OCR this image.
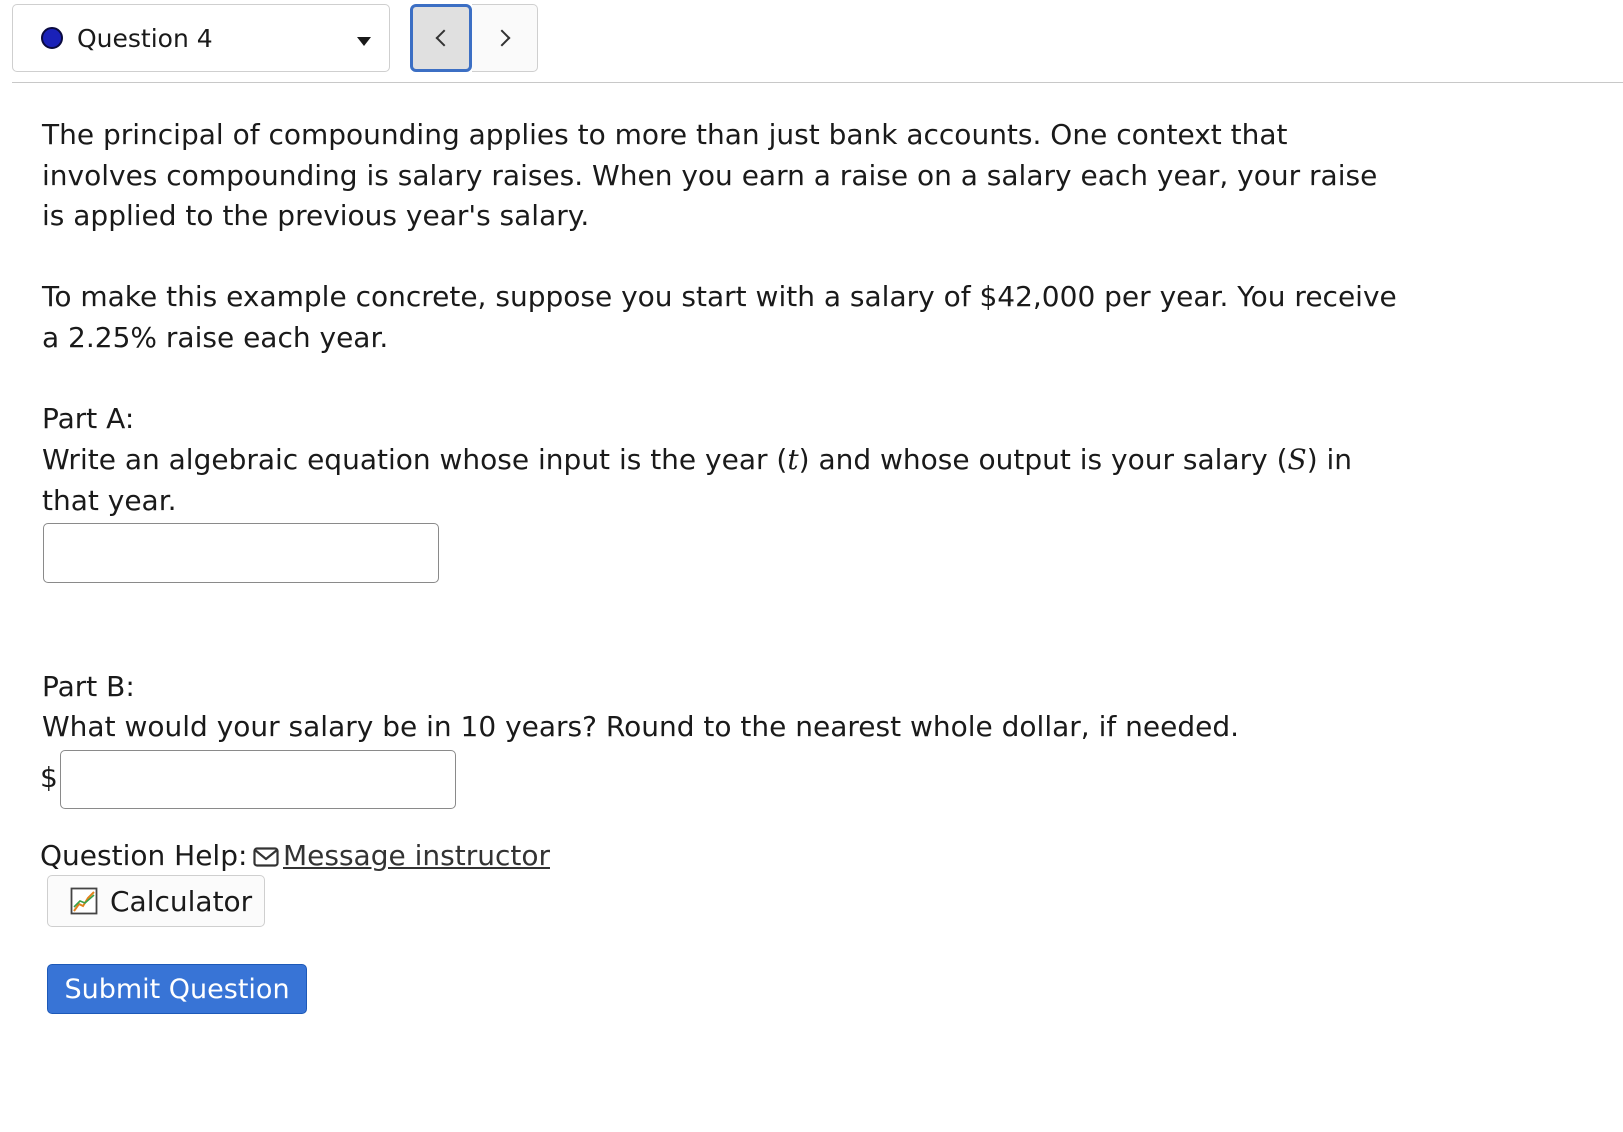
Question 4

The principal of compounding applies to more than just bank accounts. One context that involves compounding is salary raises. When you earn a raise on a salary each year, your raise is applied to the previous year's salary.

To make this example concrete, suppose you start with a salary of $42,000 per year. You receive a 2.25% raise each year.

Part A:

Write an algebraic equation whose input is the year (t) and whose output is your salary (S) in that year.

Part B:

What would your salary be in 10 years? Round to the nearest whole dollar, if needed.

$
Question Help: Message instructor
Calculator
Submit Question
